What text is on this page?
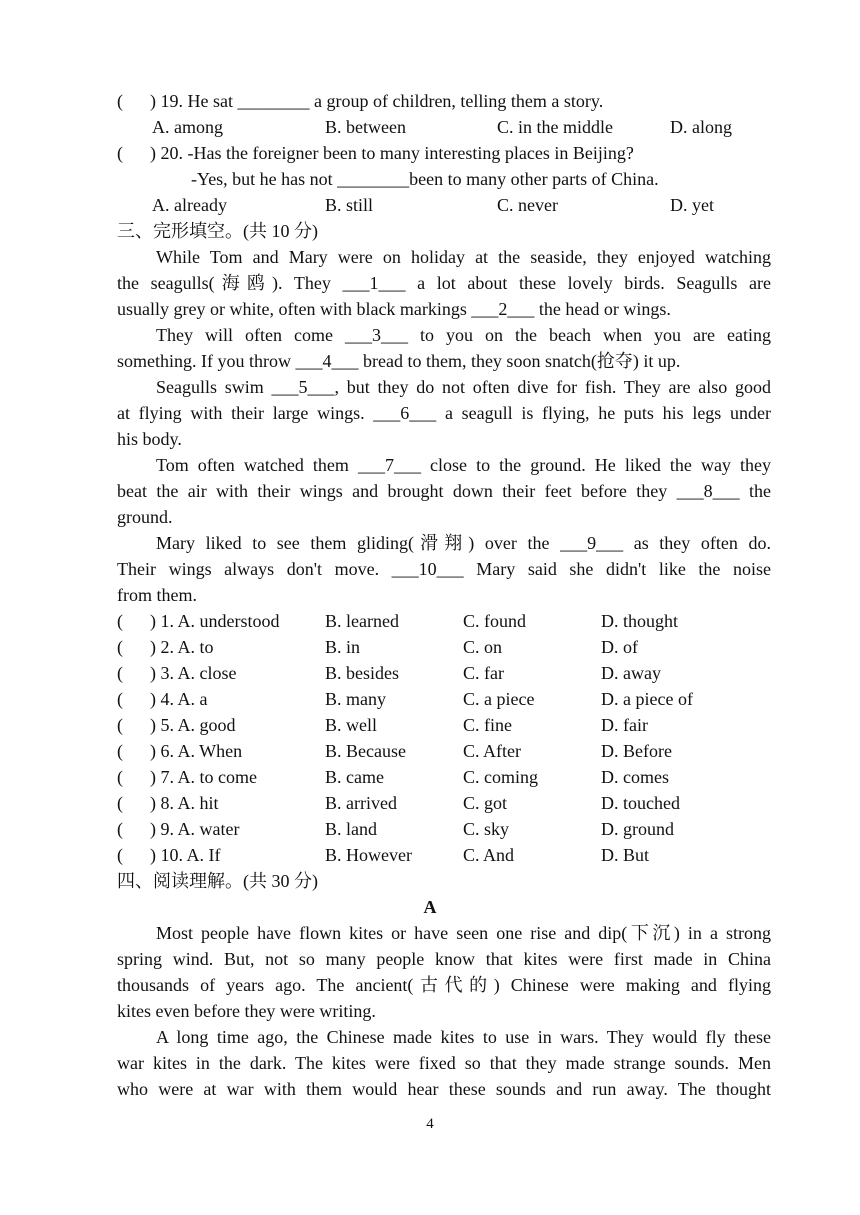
( ) 19. He sat ________ a group of children, telling them a story.
A. among	B. between	C. in the middle	D. along
( ) 20. -Has the foreigner been to many interesting places in Beijing?
-Yes, but he has not ________been to many other parts of China.
A. already	B. still	C. never	D. yet
三、完形填空。(共 10 分)
While Tom and Mary were on holiday at the seaside, they enjoyed watching
the seagulls(海鸥). They ___1___ a lot about these lovely birds. Seagulls are
usually grey or white, often with black markings ___2___ the head or wings.
They will often come ___3___ to you on the beach when you are eating
something. If you throw ___4___ bread to them, they soon snatch(抢夺) it up.
Seagulls swim ___5___, but they do not often dive for fish. They are also good
at flying with their large wings. ___6___ a seagull is flying, he puts his legs under
his body.
Tom often watched them ___7___ close to the ground. He liked the way they
beat the air with their wings and brought down their feet before they ___8___ the
ground.
Mary liked to see them gliding(滑翔) over the ___9___ as they often do.
Their wings always don't move. ___10___ Mary said she didn't like the noise
from them.
( ) 1. A. understood	B. learned	C. found	D. thought
( ) 2. A. to	B. in	C. on	D. of
( ) 3. A. close	B. besides	C. far	D. away
( ) 4. A. a	B. many	C. a piece	D. a piece of
( ) 5. A. good	B. well	C. fine	D. fair
( ) 6. A. When	B. Because	C. After	D. Before
( ) 7. A. to come	B. came	C. coming	D. comes
( ) 8. A. hit	B. arrived	C. got	D. touched
( ) 9. A. water	B. land	C. sky	D. ground
( ) 10. A. If	B. However	C. And	D. But
四、阅读理解。(共 30 分)
A
Most people have flown kites or have seen one rise and dip(下沉) in a strong
spring wind. But, not so many people know that kites were first made in China
thousands of years ago. The ancient(古代的) Chinese were making and flying
kites even before they were writing.
A long time ago, the Chinese made kites to use in wars. They would fly these
war kites in the dark. The kites were fixed so that they made strange sounds. Men
who were at war with them would hear these sounds and run away. The thought
4
